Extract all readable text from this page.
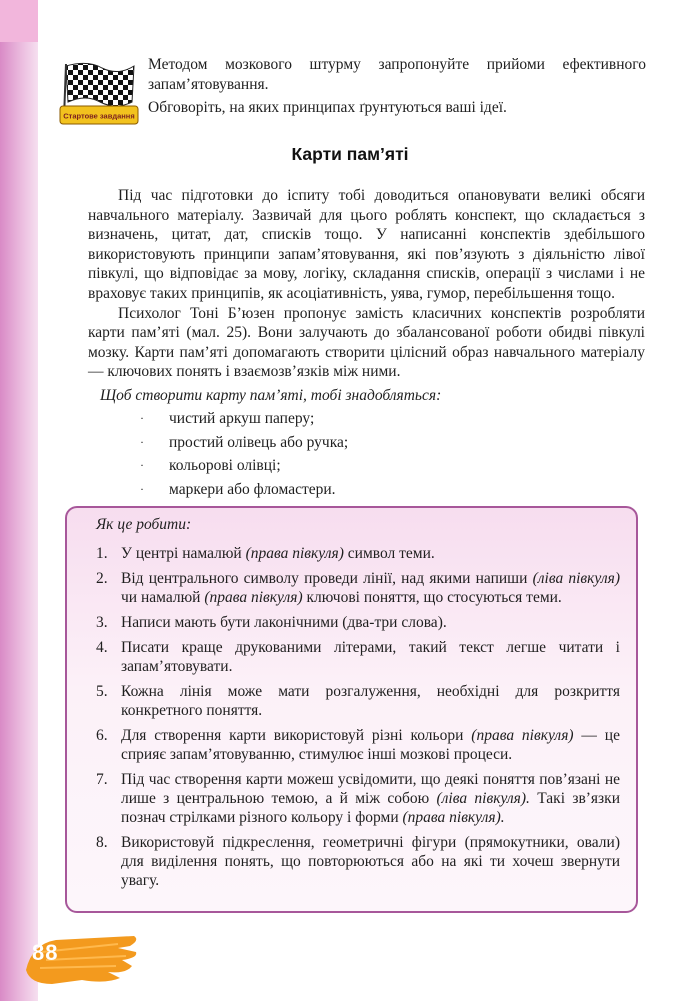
Стартове завдання

Методом мозкового штурму запропонуйте прийоми ефективного запам’ятовування.

Обговоріть, на яких принципах ґрунтуються ваші ідеї.

Карти пам’яті

Під час підготовки до іспиту тобі доводиться опановувати великі обсяги навчального матеріалу. Зазвичай для цього роблять конспект, що складається з визначень, цитат, дат, списків тощо. У написанні конспектів здебільшого використовують принципи запам’ятовування, які пов’язують з діяльністю лівої півкулі, що відповідає за мову, логіку, складання списків, операції з числами і не враховує таких принципів, як асоціативність, уява, гумор, перебільшення тощо.

Психолог Тоні Б’юзен пропонує замість класичних конспектів розробляти карти пам’яті (мал. 25). Вони залучають до збалансованої роботи обидві півкулі мозку. Карти пам’яті допомагають створити цілісний образ навчального матеріалу — ключових понять і взаємозв’язків між ними.

Щоб створити карту пам’яті, тобі знадобляться:
· чистий аркуш паперу;
· простий олівець або ручка;
· кольорові олівці;
· маркери або фломастери.
Як це робити:
1. У центрі намалюй (права півкуля) символ теми.
2. Від центрального символу проведи лінії, над якими напиши (ліва півкуля) чи намалюй (права півкуля) ключові поняття, що стосуються теми.
3. Написи мають бути лаконічними (два-три слова).
4. Писати краще друкованими літерами, такий текст легше читати і запам’ятовувати.
5. Кожна лінія може мати розгалуження, необхідні для розкриття конкретного поняття.
6. Для створення карти використовуй різні кольори (права півкуля) — це сприяє запам’ятовуванню, стимулює інші мозкові процеси.
7. Під час створення карти можеш усвідомити, що деякі поняття пов’язані не лише з центральною темою, а й між собою (ліва півкуля). Такі зв’язки познач стрілками різного кольору і форми (права півкуля).
8. Використовуй підкреслення, геометричні фігури (прямокутники, овали) для виділення понять, що повторюються або на які ти хочеш звернути увагу.
88
